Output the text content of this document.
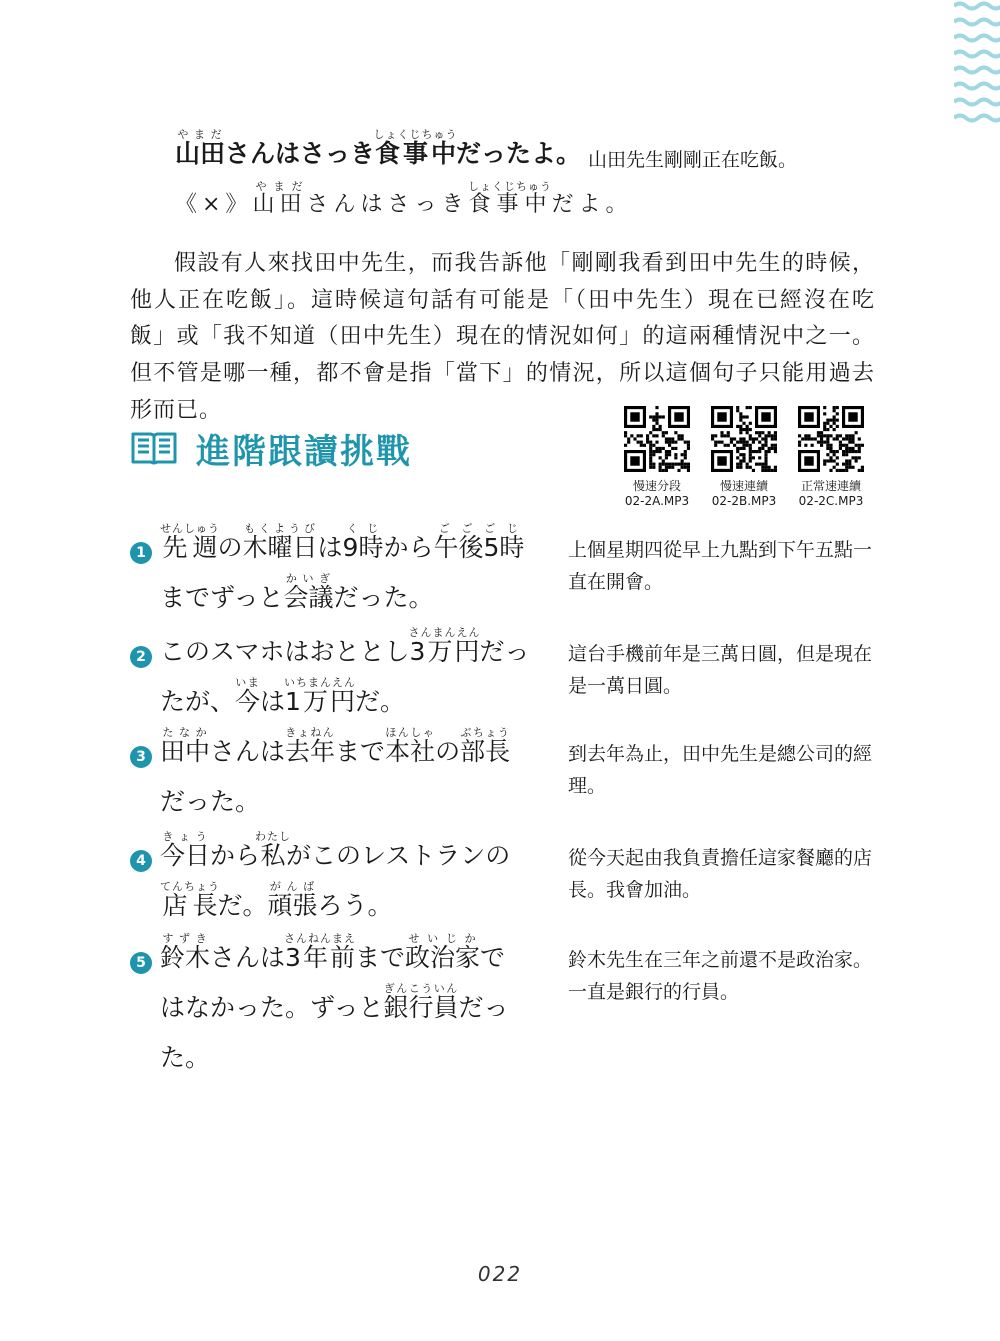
山田やまださんはさっき食事中しょくじちゅうだったよ。 山田先生剛剛正在吃飯。
《×》山田やまださんはさっき食事中しょくじちゅうだよ。
假設有人來找田中先生，而我告訴他「剛剛我看到田中先生的時候，他人正在吃飯」。這時候這句話有可能是「（田中先生）現在已經沒在吃飯」或「我不知道（田中先生）現在的情況如何」的這兩種情況中之一。但不管是哪一種，都不會是指「當下」的情況，所以這個句子只能用過去形而已。
進階跟讀挑戰
慢速分段
02-2A.MP3
慢速連續
02-2B.MP3
正常速連續
02-2C.MP3
1 先週せんしゅうの木曜日もくようびは9時くじから午後5時ごごごじまでずっと会議かいぎだった。
上個星期四從早上九點到下午五點一直在開會。
2 このスマホはおととし3万円さんまんえんだったが、今いまは1万円いちまんえんだ。
這台手機前年是三萬日圓，但是現在是一萬日圓。
3 田中たなかさんは去年きょねんまで本社ほんしゃの部長ぶちょうだった。
到去年為止，田中先生是總公司的經理。
4 今日きょうから私わたしがこのレストランの店長てんちょうだ。頑張がんばろう。
從今天起由我負責擔任這家餐廳的店長。我會加油。
5 鈴木すずきさんは3年前さんねんまえまで政治家せいじかではなかった。ずっと銀行員ぎんこういんだった。
鈴木先生在三年之前還不是政治家。一直是銀行的行員。
022
